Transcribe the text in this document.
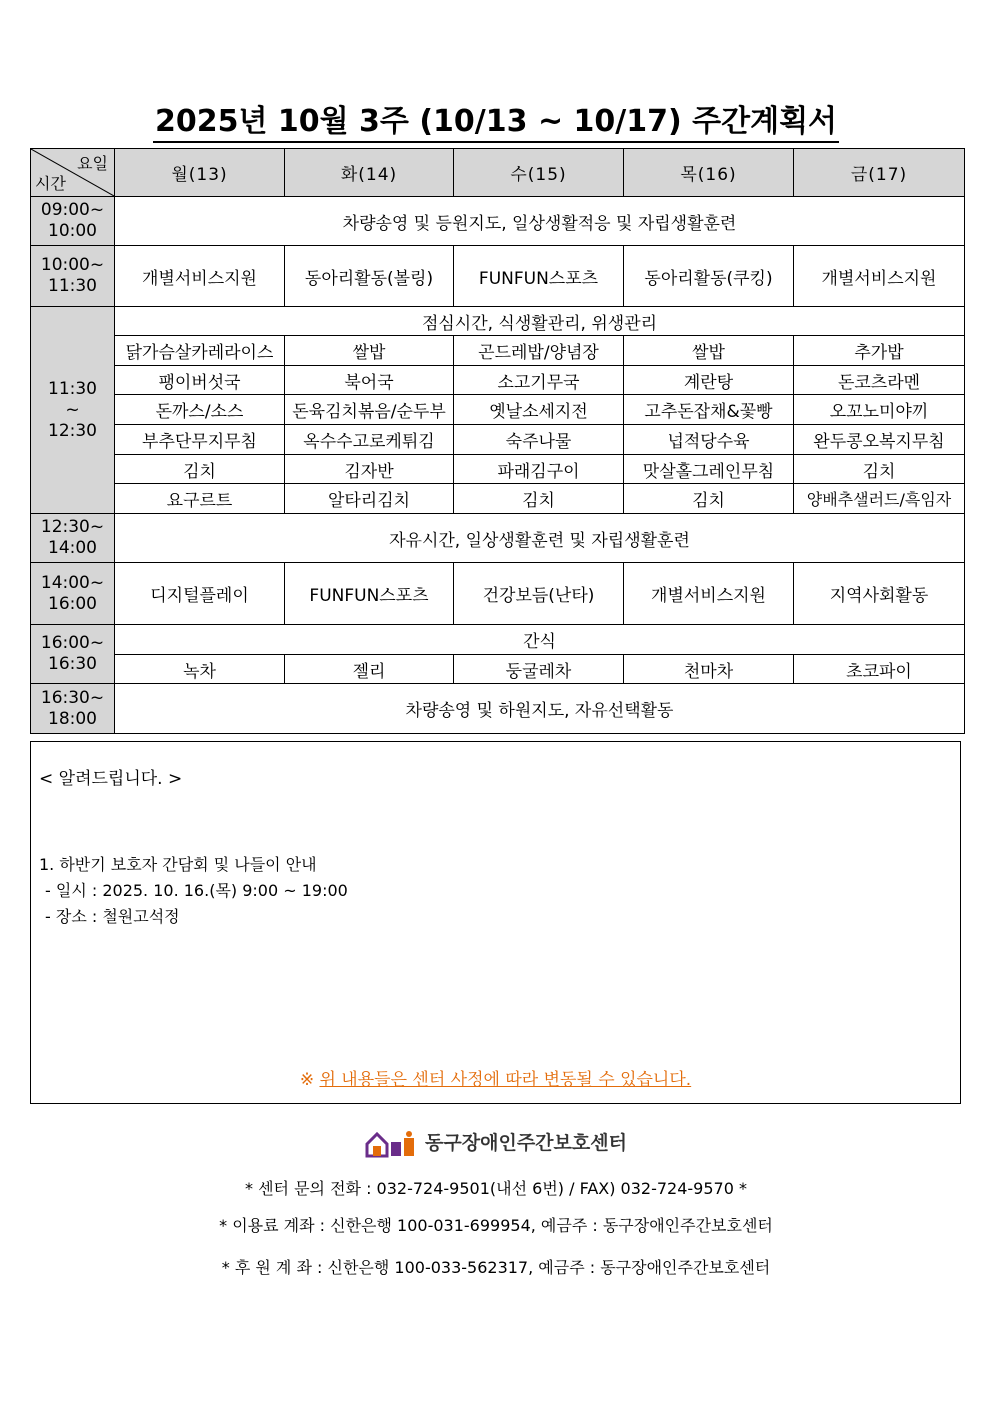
2025년 10월 3주 (10/13 ~ 10/17) 주간계획서
요일
시간	월(13)	화(14)	수(15)	목(16)	금(17)

09:00~
10:00	차량송영 및 등원지도, 일상생활적응 및 자립생활훈련				

10:00~
11:30	개별서비스지원	동아리활동(볼링)	FUNFUN스포츠	동아리활동(쿠킹)	개별서비스지원

11:30
~
12:30	점심시간, 식생활관리, 위생관리				
	닭가슴살카레라이스	쌀밥	곤드레밥/양념장	쌀밥	추가밥
	팽이버섯국	북어국	소고기무국	계란탕	돈코츠라멘
	돈까스/소스	돈육김치볶음/순두부	옛날소세지전	고추돈잡채&꽃빵	오꼬노미야끼
	부추단무지무침	옥수수고로케튀김	숙주나물	넙적당수육	완두콩오복지무침
	김치	김자반	파래김구이	맛살홀그레인무침	김치
	요구르트	알타리김치	김치	김치	양배추샐러드/흑임자

12:30~
14:00	자유시간, 일상생활훈련 및 자립생활훈련				

14:00~
16:00	디지털플레이	FUNFUN스포츠	건강보듬(난타)	개별서비스지원	지역사회활동

16:00~
16:30	간식				
	녹차	젤리	둥굴레차	천마차	초코파이

16:30~
18:00	차량송영 및 하원지도, 자유선택활동				
< 알려드립니다. >
1. 하반기 보호자 간담회 및 나들이 안내
- 일시 : 2025. 10. 16.(목) 9:00 ~ 19:00
- 장소 : 철원고석정
※ 위 내용들은 센터 사정에 따라 변동될 수 있습니다.
동구장애인주간보호센터
* 센터 문의 전화 : 032-724-9501(내선 6번) / FAX) 032-724-9570 *
* 이용료 계좌 : 신한은행 100-031-699954, 예금주 : 동구장애인주간보호센터
* 후 원 계 좌 : 신한은행 100-033-562317, 예금주 : 동구장애인주간보호센터
